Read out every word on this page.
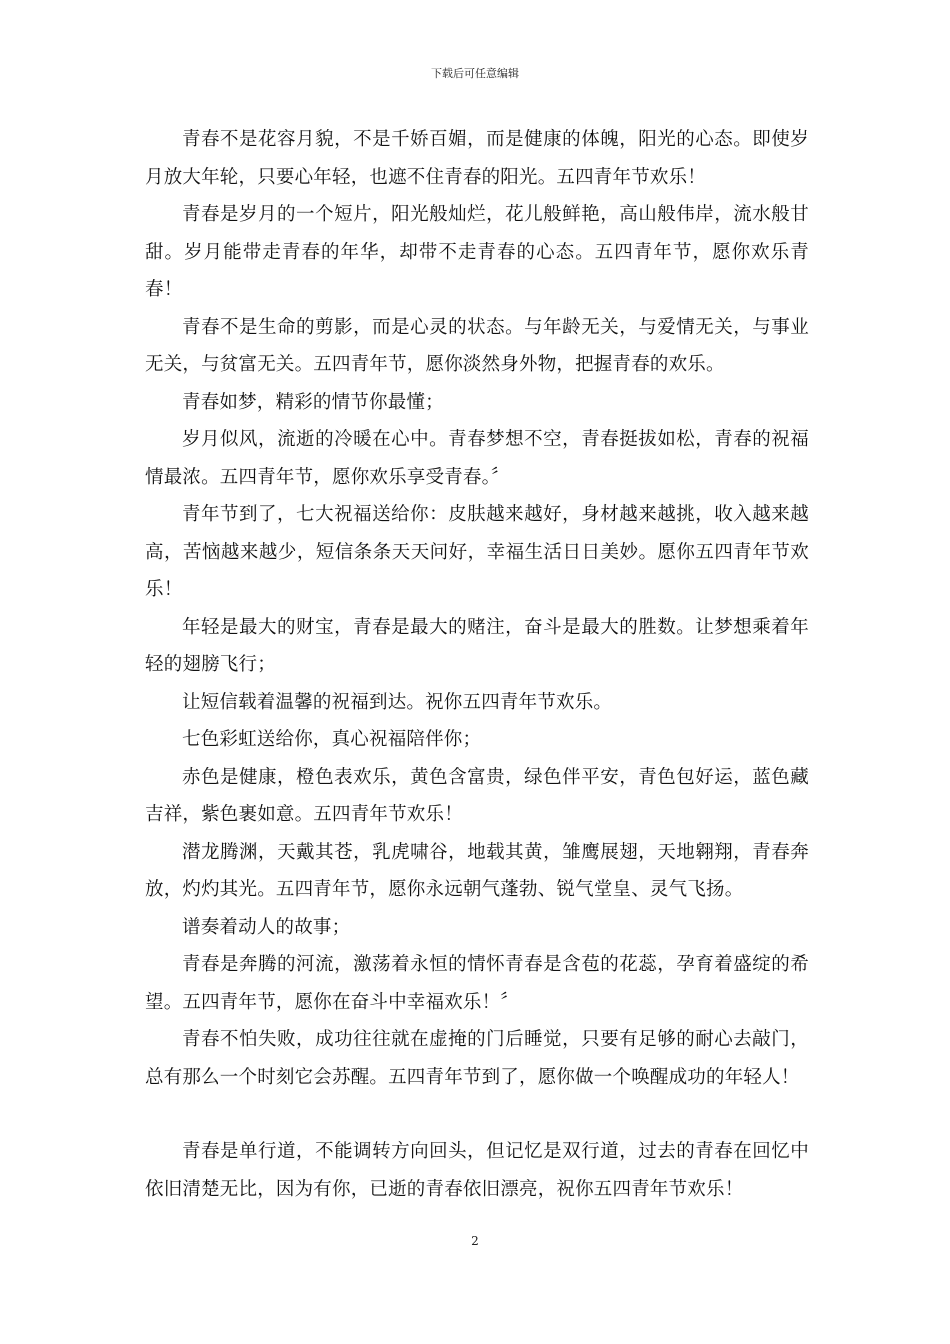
下载后可任意编辑

青春不是花容月貌，不是千娇百媚，而是健康的体魄，阳光的心态。即使岁月放大年轮，只要心年轻，也遮不住青春的阳光。五四青年节欢乐！

青春是岁月的一个短片，阳光般灿烂，花儿般鲜艳，高山般伟岸，流水般甘甜。岁月能带走青春的年华，却带不走青春的心态。五四青年节，愿你欢乐青春！

青春不是生命的剪影，而是心灵的状态。与年龄无关，与爱情无关，与事业无关，与贫富无关。五四青年节，愿你淡然身外物，把握青春的欢乐。

青春如梦，精彩的情节你最懂；

岁月似风，流逝的冷暖在心中。青春梦想不空，青春挺拔如松，青春的祝福情最浓。五四青年节，愿你欢乐享受青春。〞

青年节到了，七大祝福送给你：皮肤越来越好，身材越来越挑，收入越来越高，苦恼越来越少，短信条条天天问好，幸福生活日日美妙。愿你五四青年节欢乐！

年轻是最大的财宝，青春是最大的赌注，奋斗是最大的胜数。让梦想乘着年轻的翅膀飞行；

让短信载着温馨的祝福到达。祝你五四青年节欢乐。

七色彩虹送给你，真心祝福陪伴你；

赤色是健康，橙色表欢乐，黄色含富贵，绿色伴平安，青色包好运，蓝色藏吉祥，紫色裹如意。五四青年节欢乐！

潜龙腾渊，天戴其苍，乳虎啸谷，地载其黄，雏鹰展翅，天地翱翔，青春奔放，灼灼其光。五四青年节，愿你永远朝气蓬勃、锐气堂皇、灵气飞扬。

谱奏着动人的故事；

青春是奔腾的河流，激荡着永恒的情怀青春是含苞的花蕊，孕育着盛绽的希望。五四青年节，愿你在奋斗中幸福欢乐！〞

青春不怕失败，成功往往就在虚掩的门后睡觉，只要有足够的耐心去敲门，总有那么一个时刻它会苏醒。五四青年节到了，愿你做一个唤醒成功的年轻人！

青春是单行道，不能调转方向回头，但记忆是双行道，过去的青春在回忆中依旧清楚无比，因为有你，已逝的青春依旧漂亮，祝你五四青年节欢乐！

2
